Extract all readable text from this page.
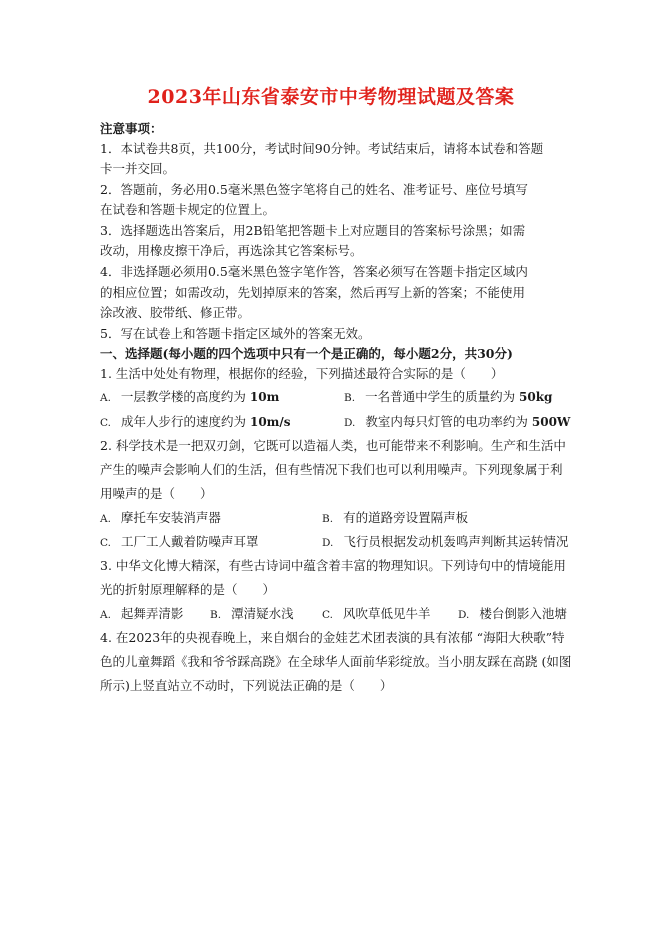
2023年山东省泰安市中考物理试题及答案
注意事项：
1．本试卷共8页，共100分，考试时间90分钟。考试结束后，请将本试卷和答题
卡一并交回。
2．答题前，务必用0.5毫米黑色签字笔将自己的姓名、准考证号、座位号填写
在试卷和答题卡规定的位置上。
3．选择题选出答案后，用2B铅笔把答题卡上对应题目的答案标号涂黑；如需
改动，用橡皮擦干净后，再选涂其它答案标号。
4．非选择题必须用0.5毫米黑色签字笔作答，答案必须写在答题卡指定区域内
的相应位置；如需改动，先划掉原来的答案，然后再写上新的答案；不能使用
涂改液、胶带纸、修正带。
5．写在试卷上和答题卡指定区域外的答案无效。
一、选择题(每小题的四个选项中只有一个是正确的，每小题2分，共30分)
1. 生活中处处有物理，根据你的经验，下列描述最符合实际的是（　　）
A. 一层教学楼的高度约为 10m	B. 一名普通中学生的质量约为 50kg
C. 成年人步行的速度约为 10m/s	D. 教室内每只灯管的电功率约为 500W
2. 科学技术是一把双刃剑，它既可以造福人类，也可能带来不利影响。生产和生活中
产生的噪声会影响人们的生活，但有些情况下我们也可以利用噪声。下列现象属于利
用噪声的是（　　）
A. 摩托车安装消声器	B. 有的道路旁设置隔声板
C. 工厂工人戴着防噪声耳罩	D. 飞行员根据发动机轰鸣声判断其运转情况
3. 中华文化博大精深，有些古诗词中蕴含着丰富的物理知识。下列诗句中的情境能用
光的折射原理解释的是（　　）
A. 起舞弄清影	B. 潭清疑水浅	C. 风吹草低见牛羊	D. 楼台倒影入池塘
4. 在2023年的央视春晚上，来自烟台的金娃艺术团表演的具有浓郁 “海阳大秧歌”特
色的儿童舞蹈《我和爷爷踩高跷》在全球华人面前华彩绽放。当小朋友踩在高跷 (如图
所示)上竖直站立不动时，下列说法正确的是（　　）
